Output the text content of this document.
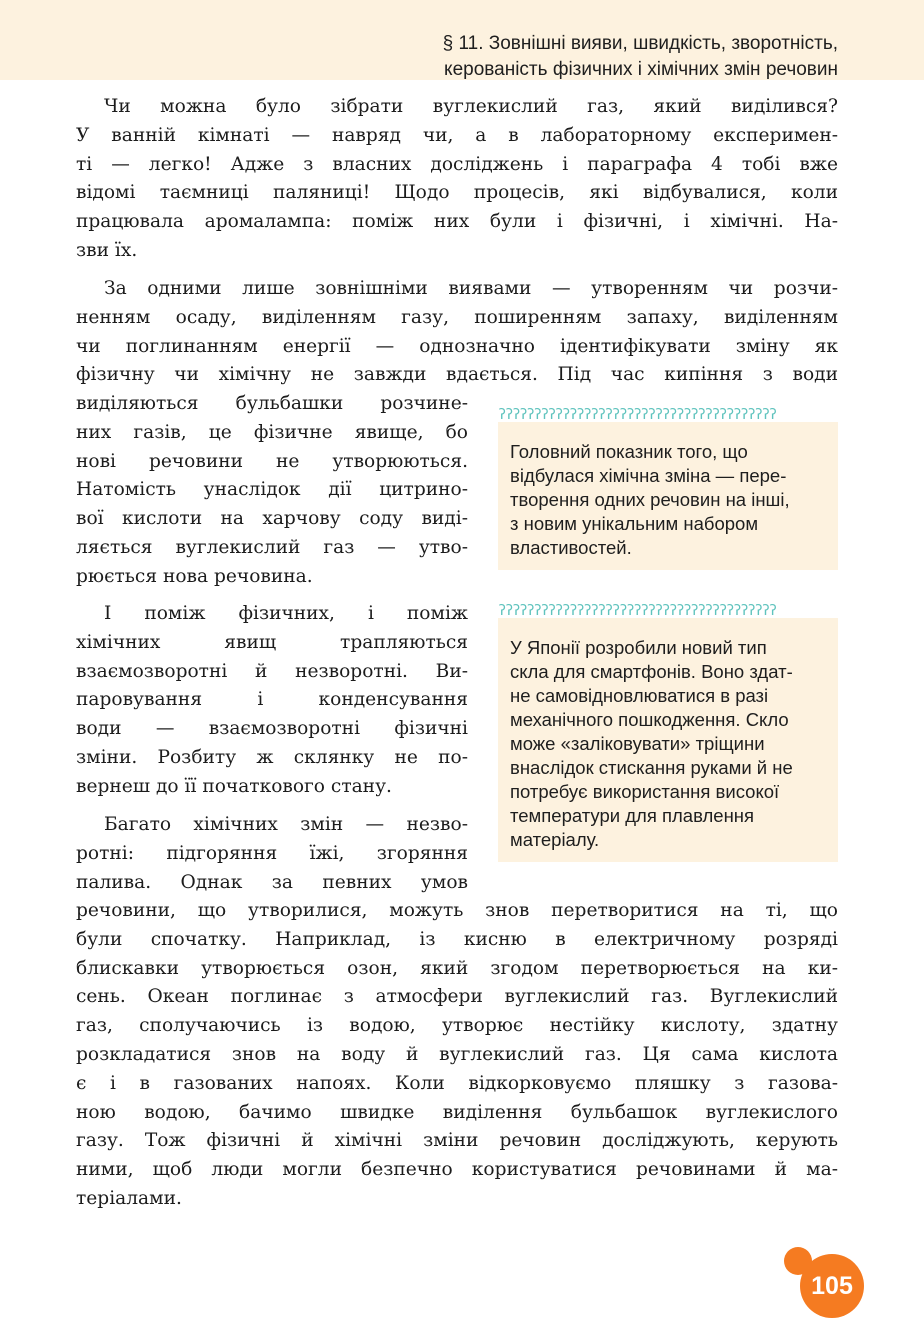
§ 11. Зовнішні вияви, швидкість, зворотність,
керованість фізичних і хімічних змін речовин
Чи можна було зібрати вуглекислий газ, який виділився?
У ванній кімнаті — навряд чи, а в лабораторному експеримен-
ті — легко! Адже з власних досліджень і параграфа 4 тобі вже
відомі таємниці паляниці! Щодо процесів, які відбувалися, коли
працювала аромалампа: поміж них були і фізичні, і хімічні. На-
зви їх.
За одними лише зовнішніми виявами — утворенням чи розчи-
ненням осаду, виділенням газу, поширенням запаху, виділенням
чи поглинанням енергії — однозначно ідентифікувати зміну як
фізичну чи хімічну не завжди вдається. Під час кипіння з води
виділяються бульбашки розчине-
них газів, це фізичне явище, бо
нові речовини не утворюються.
Натомість унаслідок дії цитрино-
вої кислоти на харчову соду виді-
ляється вуглекислий газ — утво-
рюється нова речовина.
І поміж фізичних, і поміж
хімічних явищ трапляються
взаємозворотні й незворотні. Ви-
паровування і конденсування
води — взаємозворотні фізичні
зміни. Розбиту ж склянку не по-
вернеш до її початкового стану.
Багато хімічних змін — незво-
ротні: підгоряння їжі, згоряння
палива. Однак за певних умов
речовини, що утворилися, можуть знов перетворитися на ті, що
були спочатку. Наприклад, із кисню в електричному розряді
блискавки утворюється озон, який згодом перетворюється на ки-
сень. Океан поглинає з атмосфери вуглекислий газ. Вуглекислий
газ, сполучаючись із водою, утворює нестійку кислоту, здатну
розкладатися знов на воду й вуглекислий газ. Ця сама кислота
є і в газованих напоях. Коли відкорковуємо пляшку з газова-
ною водою, бачимо швидке виділення бульбашок вуглекислого
газу. Тож фізичні й хімічні зміни речовин досліджують, керують
ними, щоб люди могли безпечно користуватися речовинами й ма-
теріалами.
ʔʔʔʔʔʔʔʔʔʔʔʔʔʔʔʔʔʔʔʔʔʔʔʔʔʔʔʔʔʔʔʔʔʔʔʔʔʔʔ
Головний показник того, що
відбулася хімічна зміна — пере-
творення одних речовин на інші,
з новим унікальним набором
властивостей.
ʔʔʔʔʔʔʔʔʔʔʔʔʔʔʔʔʔʔʔʔʔʔʔʔʔʔʔʔʔʔʔʔʔʔʔʔʔʔʔ
У Японії розробили новий тип
скла для смартфонів. Воно здат-
не самовідновлюватися в разі
механічного пошкодження. Скло
може «заліковувати» тріщини
внаслідок стискання руками й не
потребує використання високої
температури для плавлення
матеріалу.
105
